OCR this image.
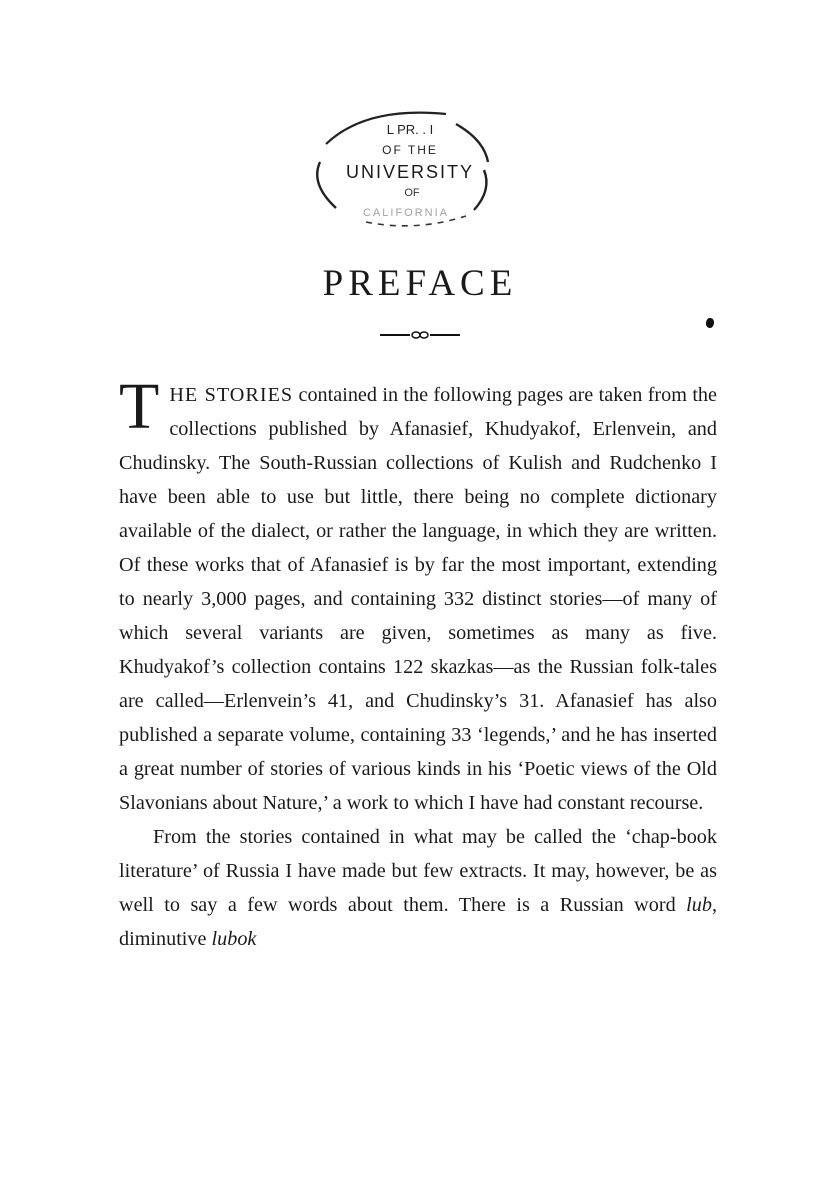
L PR. . I
OF THE
UNIVERSITY
OF
CALIFORNIA
PREFACE

THE STORIES contained in the following pages are taken from the collections published by Afanasief, Khudyakof, Erlenvein, and Chudinsky. The South-Russian collections of Kulish and Rudchenko I have been able to use but little, there being no complete dictionary available of the dialect, or rather the language, in which they are written. Of these works that of Afanasief is by far the most important, extending to nearly 3,000 pages, and containing 332 distinct stories—of many of which several variants are given, sometimes as many as five. Khudyakof’s collection contains 122 skazkas—as the Russian folk-tales are called—Erlenvein’s 41, and Chudinsky’s 31. Afanasief has also published a separate volume, containing 33 ‘legends,’ and he has inserted a great number of stories of various kinds in his ‘Poetic views of the Old Slavonians about Nature,’ a work to which I have had constant recourse.

From the stories contained in what may be called the ‘chap-book literature’ of Russia I have made but few extracts. It may, however, be as well to say a few words about them. There is a Russian word lub, diminutive lubok
